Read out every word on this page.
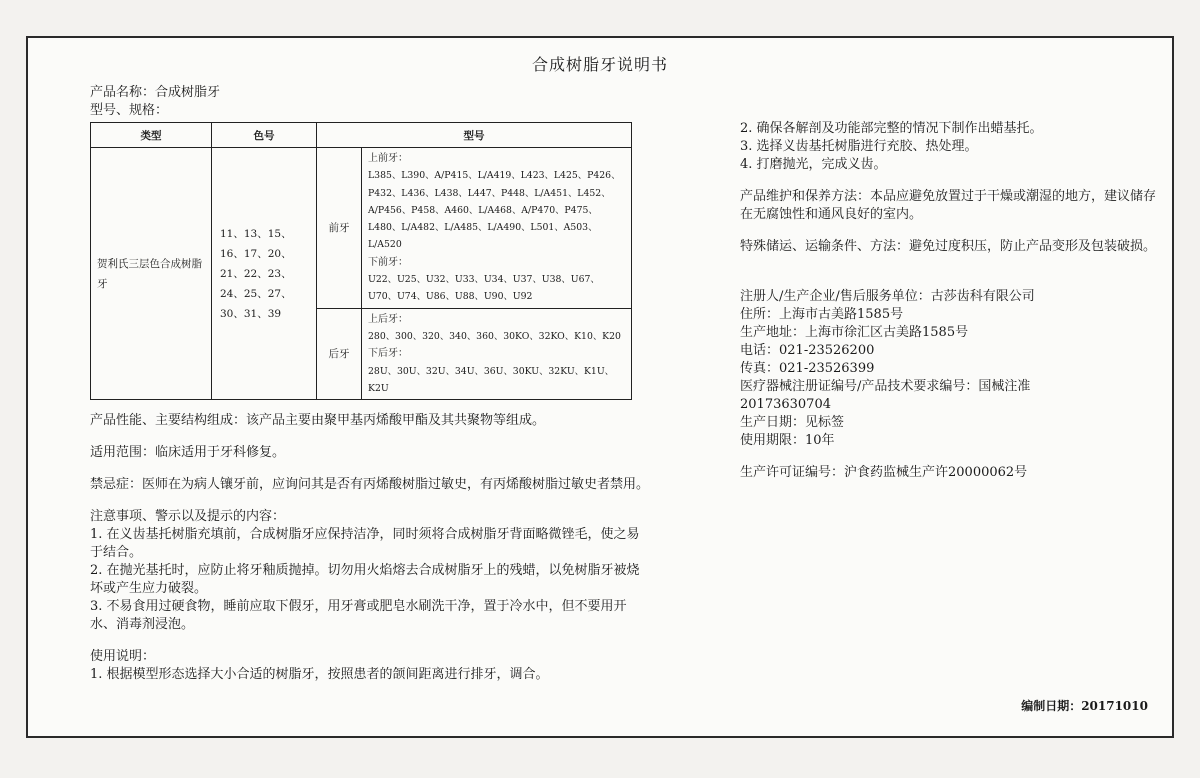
合成树脂牙说明书
产品名称：合成树脂牙
型号、规格：
类型	色号	型号	
贺利氏三层色合成树脂牙	11、13、15、16、17、20、21、22、23、24、25、27、30、31、39	前牙	上前牙：
L385、L390、A/P415、L/A419、L423、L425、P426、P432、L436、L438、L447、P448、L/A451、L452、A/P456、P458、A460、L/A468、A/P470、P475、L480、L/A482、L/A485、L/A490、L501、A503、L/A520
下前牙：
U22、U25、U32、U33、U34、U37、U38、U67、U70、U74、U86、U88、U90、U92

		后牙	上后牙：
280、300、320、340、360、30KO、32KO、K10、K20
下后牙：
28U、30U、32U、34U、36U、30KU、32KU、K1U、K2U
产品性能、主要结构组成：该产品主要由聚甲基丙烯酸甲酯及其共聚物等组成。
适用范围：临床适用于牙科修复。
禁忌症：医师在为病人镶牙前，应询问其是否有丙烯酸树脂过敏史，有丙烯酸树脂过敏史者禁用。
注意事项、警示以及提示的内容：
1. 在义齿基托树脂充填前，合成树脂牙应保持洁净，同时须将合成树脂牙背面略微锉毛，使之易于结合。
2. 在抛光基托时，应防止将牙釉质抛掉。切勿用火焰熔去合成树脂牙上的残蜡，以免树脂牙被烧坏或产生应力破裂。
3. 不易食用过硬食物，睡前应取下假牙，用牙膏或肥皂水刷洗干净，置于冷水中，但不要用开水、消毒剂浸泡。
使用说明：
1. 根据模型形态选择大小合适的树脂牙，按照患者的颌间距离进行排牙，调合。
2. 确保各解剖及功能部完整的情况下制作出蜡基托。
3. 选择义齿基托树脂进行充胶、热处理。
4. 打磨抛光，完成义齿。
产品维护和保养方法：本品应避免放置过于干燥或潮湿的地方，建议储存在无腐蚀性和通风良好的室内。
特殊储运、运输条件、方法：避免过度积压，防止产品变形及包装破损。
注册人/生产企业/售后服务单位：古莎齿科有限公司
住所：上海市古美路1585号
生产地址：上海市徐汇区古美路1585号
电话：021-23526200
传真：021-23526399
医疗器械注册证编号/产品技术要求编号：国械注准
20173630704
生产日期：见标签
使用期限：10年
生产许可证编号：沪食药监械生产许20000062号
编制日期：20171010
